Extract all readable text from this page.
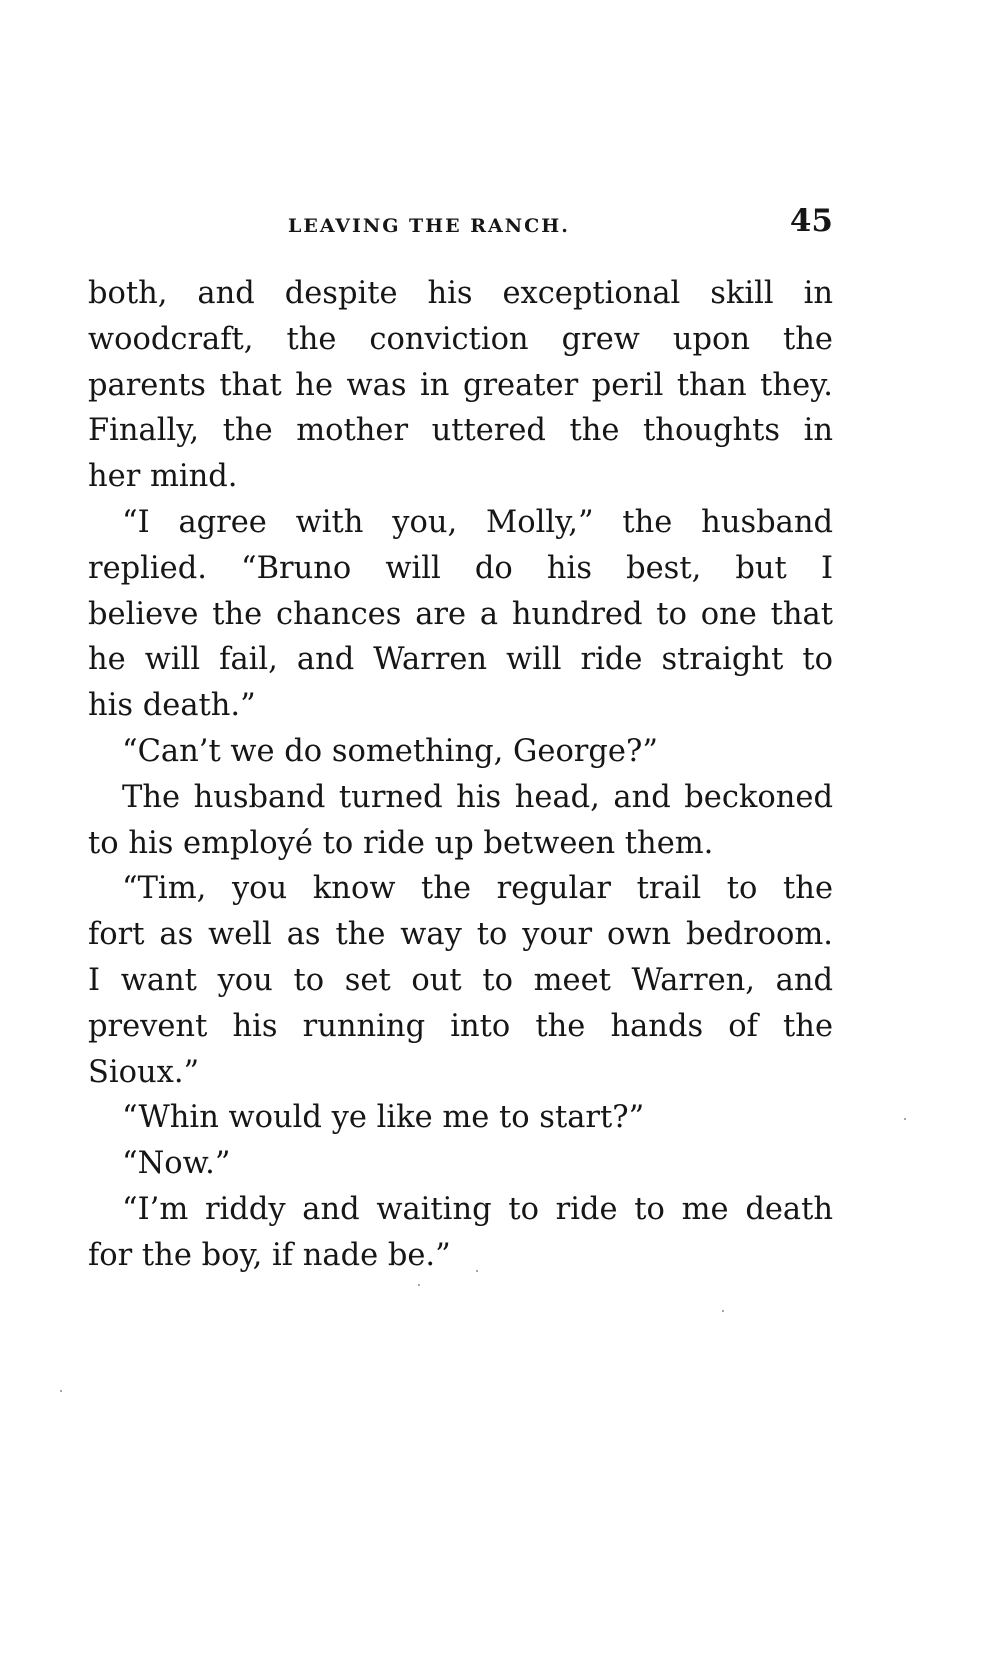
LEAVING THE RANCH.	45
both, and despite his exceptional skill in
woodcraft, the conviction grew upon the
parents that he was in greater peril than they.
Finally, the mother uttered the thoughts in
her mind.
“I agree with you, Molly,” the husband
replied. “Bruno will do his best, but I
believe the chances are a hundred to one that
he will fail, and Warren will ride straight to
his death.”
“Can’t we do something, George?”
The husband turned his head, and beckoned
to his employé to ride up between them.
“Tim, you know the regular trail to the
fort as well as the way to your own bedroom.
I want you to set out to meet Warren, and
prevent his running into the hands of the
Sioux.”
“Whin would ye like me to start?”
“Now.”
“I’m riddy and waiting to ride to me death
for the boy, if nade be.”
